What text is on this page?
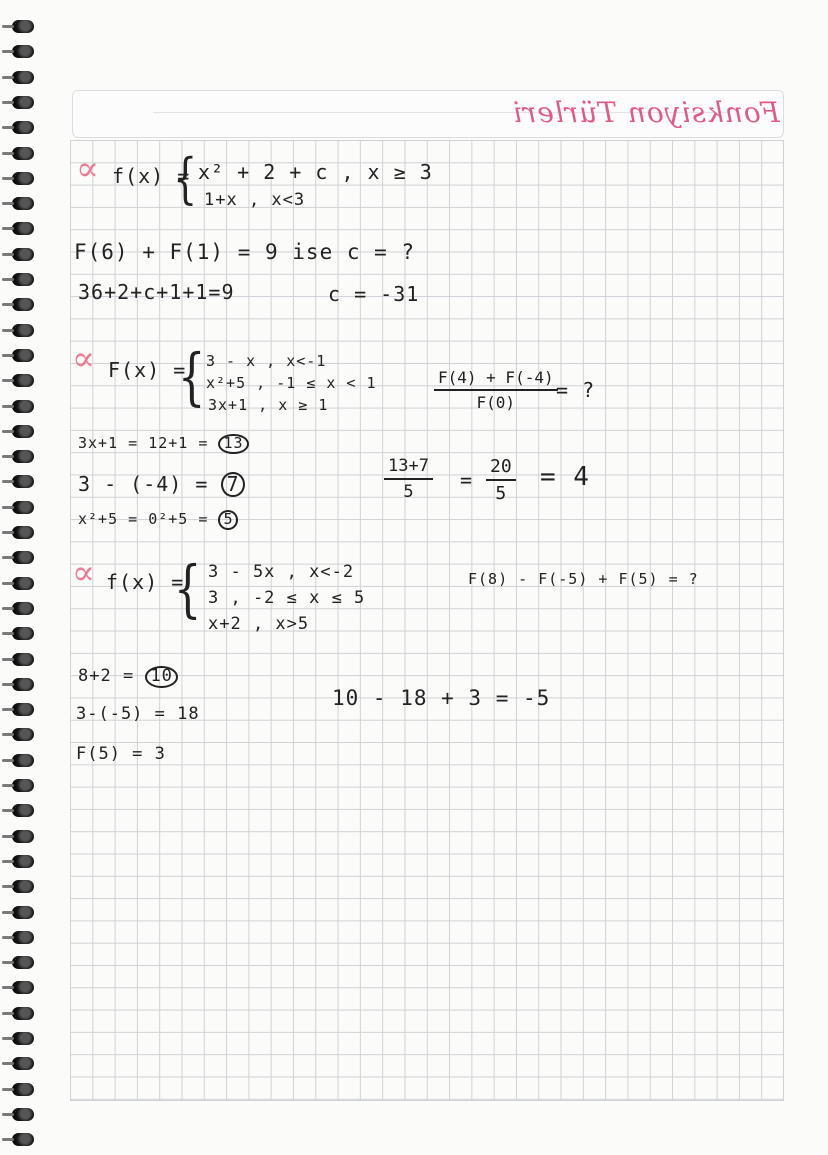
Fonksiyon Türleri
∝ f(x) =
{ x² + 2 + c , x ≥ 3
1+x , x<3
F(6) + F(1) = 9 ise c = ?
36+2+c+1+1=9	c = -31
∝ F(x) =
{ 3 - x , x<-1
x²+5 , -1 ≤ x < 1
3x+1 , x ≥ 1	$\frac{F(4) + F(-4)}{F(0)}$
= ?
3x+1 = 12+1 = 13
3 - (-4) = 7
x²+5 = 0²+5 = 5
$\frac{13+7}{5} = \frac{20}{5} = 4$
∝ f(x) =
{ 3 - 5x , x<-2
3 , -2 ≤ x ≤ 5
x+2 , x>5
F(8) - F(-5) + F(5) = ?
8+2 = 10
3-(-5) = 18
F(5) = 3
10 - 18 + 3 = -5
